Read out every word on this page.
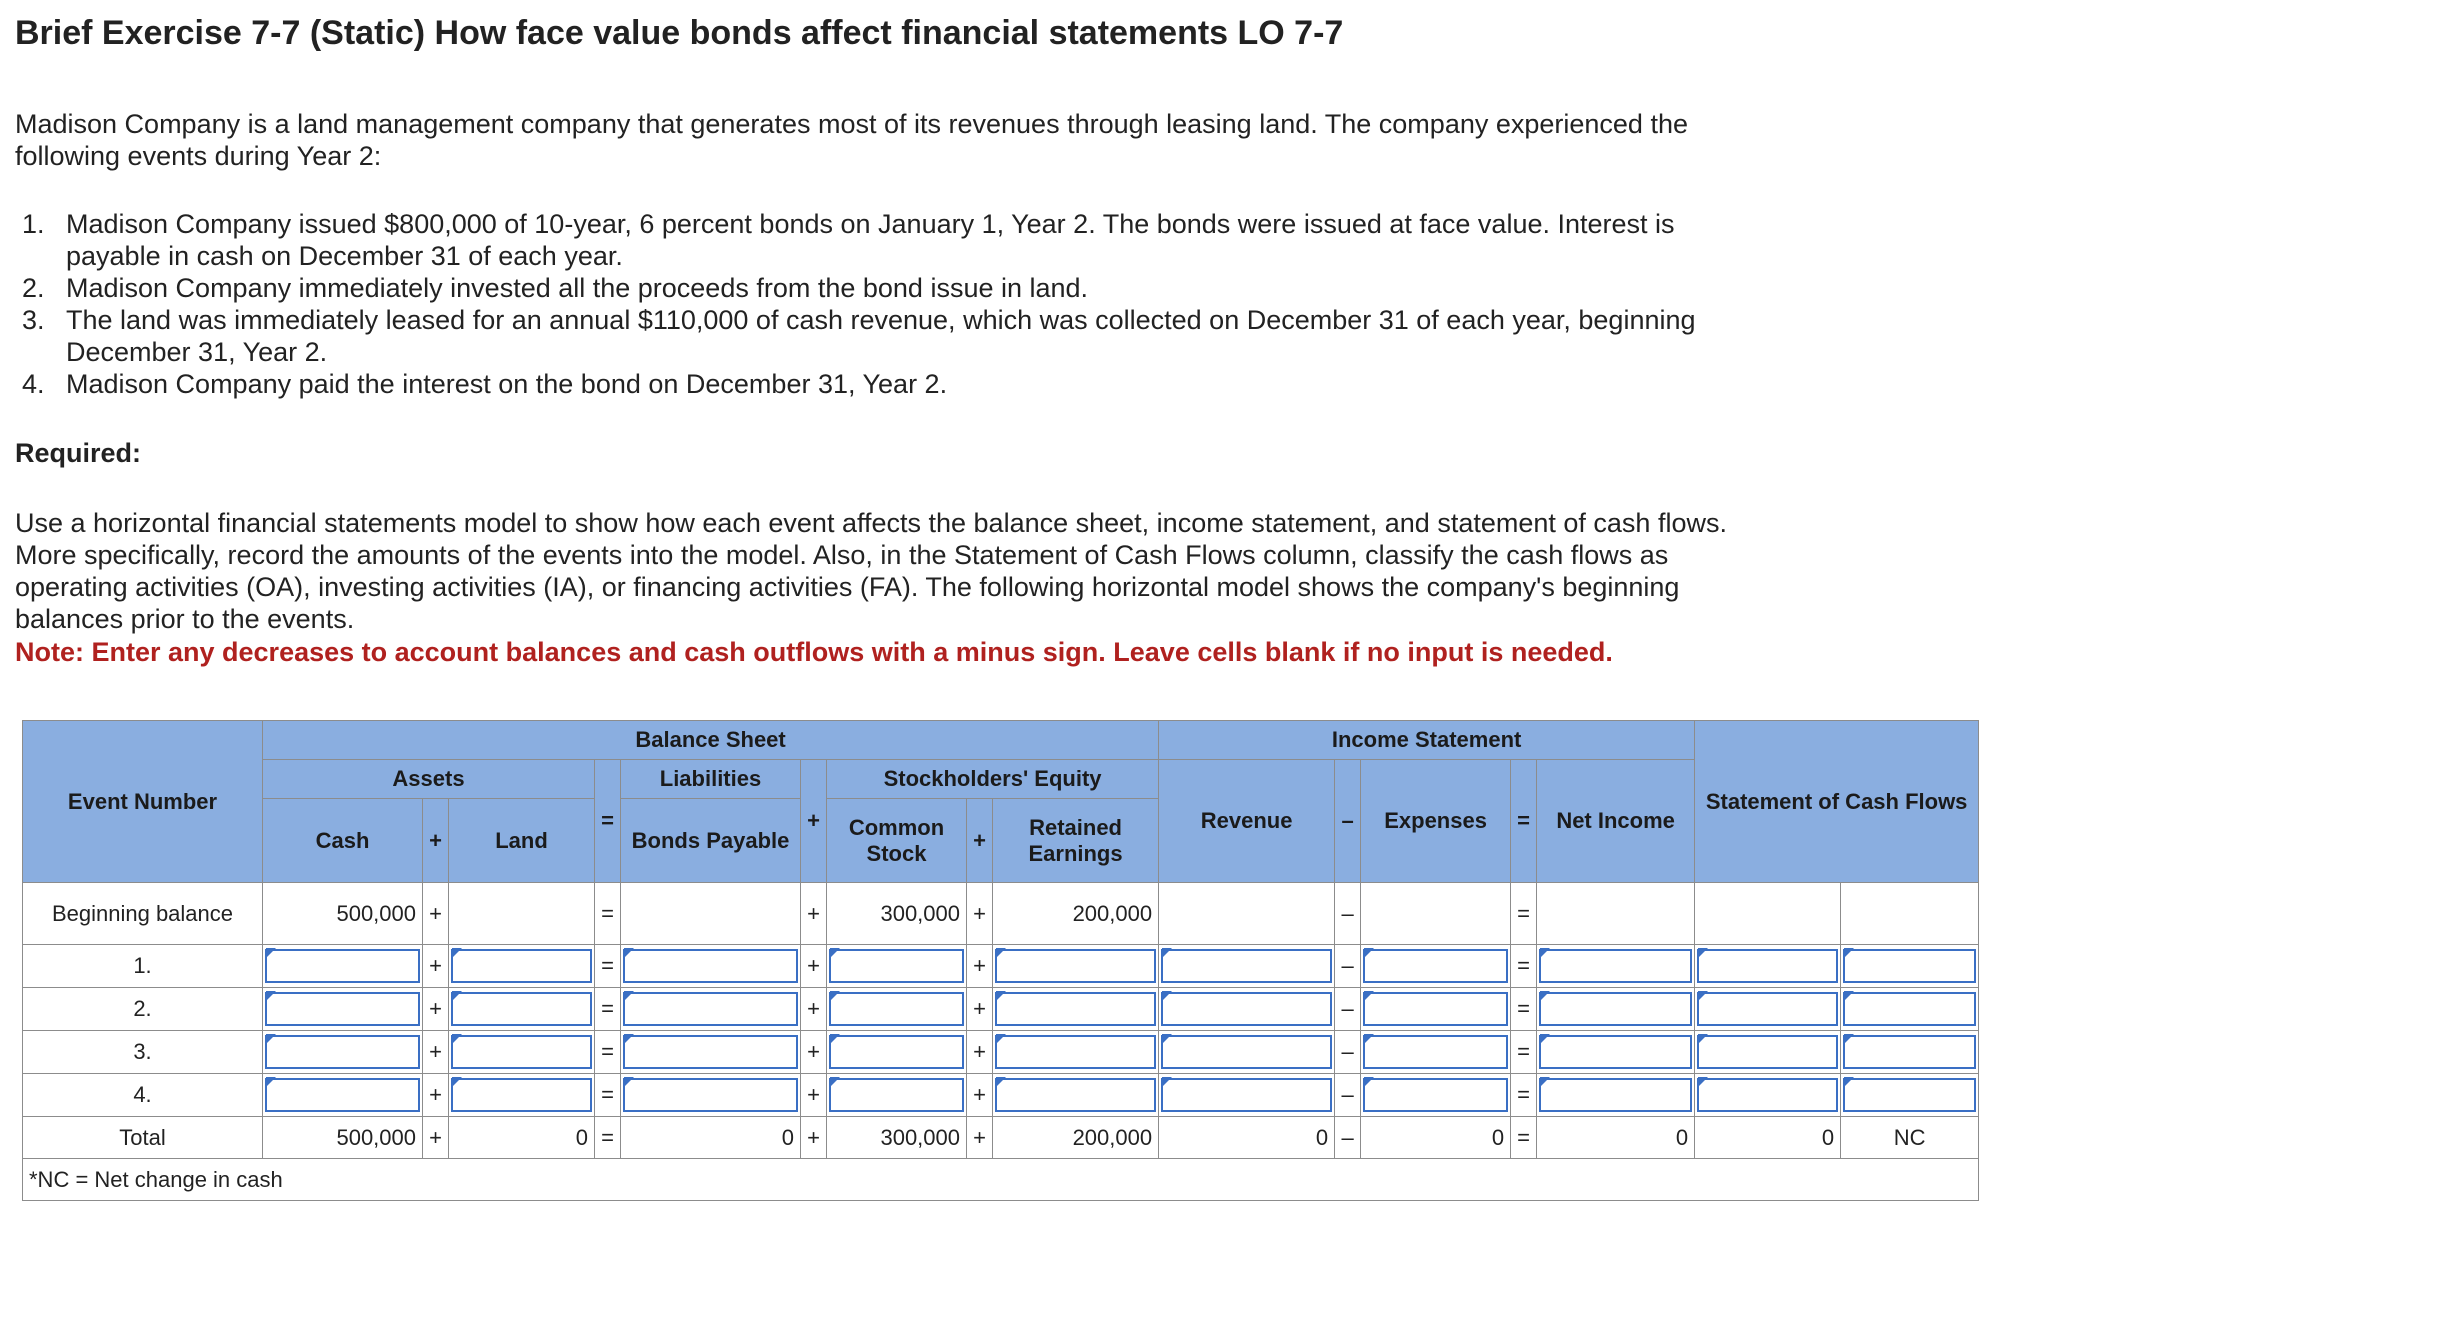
Brief Exercise 7-7 (Static) How face value bonds affect financial statements LO 7-7

Madison Company is a land management company that generates most of its revenues through leasing land. The company experienced the following events during Year 2:

1. Madison Company issued $800,000 of 10-year, 6 percent bonds on January 1, Year 2. The bonds were issued at face value. Interest is payable in cash on December 31 of each year.
2. Madison Company immediately invested all the proceeds from the bond issue in land.
3. The land was immediately leased for an annual $110,000 of cash revenue, which was collected on December 31 of each year, beginning December 31, Year 2.
4. Madison Company paid the interest on the bond on December 31, Year 2.

Required:

Use a horizontal financial statements model to show how each event affects the balance sheet, income statement, and statement of cash flows. More specifically, record the amounts of the events into the model. Also, in the Statement of Cash Flows column, classify the cash flows as operating activities (OA), investing activities (IA), or financing activities (FA). The following horizontal model shows the company's beginning balances prior to the events.

Note: Enter any decreases to account balances and cash outflows with a minus sign. Leave cells blank if no input is needed.

Event Number	Balance Sheet									Income Statement					Statement of Cash Flows	
	Assets			=	Liabilities	+	Stockholders' Equity			Revenue	–	Expenses	=	Net Income		
	Cash	+	Land		Bonds Payable		Common Stock	+	Retained Earnings							
Beginning balance	500,000	+		=		+	300,000	+	200,000		–		=			
1.		+		=		+		+			–		=	

2.		+		=		+		+			–		=	

3.		+		=		+		+			–		=	

4.		+		=		+		+			–		=	

Total	500,000	+	0	=	0	+	300,000	+	200,000	0	–	0	=	0	0	NC
*NC = Net change in cash																
